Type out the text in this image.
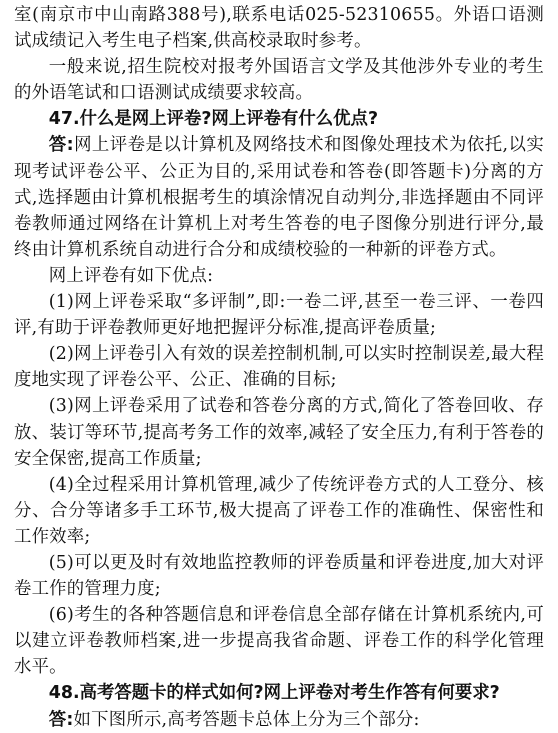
室(南京市中山南路388号),联系电话025-52310655。外语口语测试成绩记入考生电子档案,供高校录取时参考。

一般来说,招生院校对报考外国语言文学及其他涉外专业的考生的外语笔试和口语测试成绩要求较高。

47.什么是网上评卷?网上评卷有什么优点?

答:网上评卷是以计算机及网络技术和图像处理技术为依托,以实现考试评卷公平、公正为目的,采用试卷和答卷(即答题卡)分离的方式,选择题由计算机根据考生的填涂情况自动判分,非选择题由不同评卷教师通过网络在计算机上对考生答卷的电子图像分别进行评分,最终由计算机系统自动进行合分和成绩校验的一种新的评卷方式。

网上评卷有如下优点:

(1)网上评卷采取“多评制”,即:一卷二评,甚至一卷三评、一卷四评,有助于评卷教师更好地把握评分标准,提高评卷质量;

(2)网上评卷引入有效的误差控制机制,可以实时控制误差,最大程度地实现了评卷公平、公正、准确的目标;

(3)网上评卷采用了试卷和答卷分离的方式,简化了答卷回收、存放、装订等环节,提高考务工作的效率,减轻了安全压力,有利于答卷的安全保密,提高工作质量;

(4)全过程采用计算机管理,减少了传统评卷方式的人工登分、核分、合分等诸多手工环节,极大提高了评卷工作的准确性、保密性和工作效率;

(5)可以更及时有效地监控教师的评卷质量和评卷进度,加大对评卷工作的管理力度;

(6)考生的各种答题信息和评卷信息全部存储在计算机系统内,可以建立评卷教师档案,进一步提高我省命题、评卷工作的科学化管理水平。

48.高考答题卡的样式如何?网上评卷对考生作答有何要求?

答:如下图所示,高考答题卡总体上分为三个部分:
